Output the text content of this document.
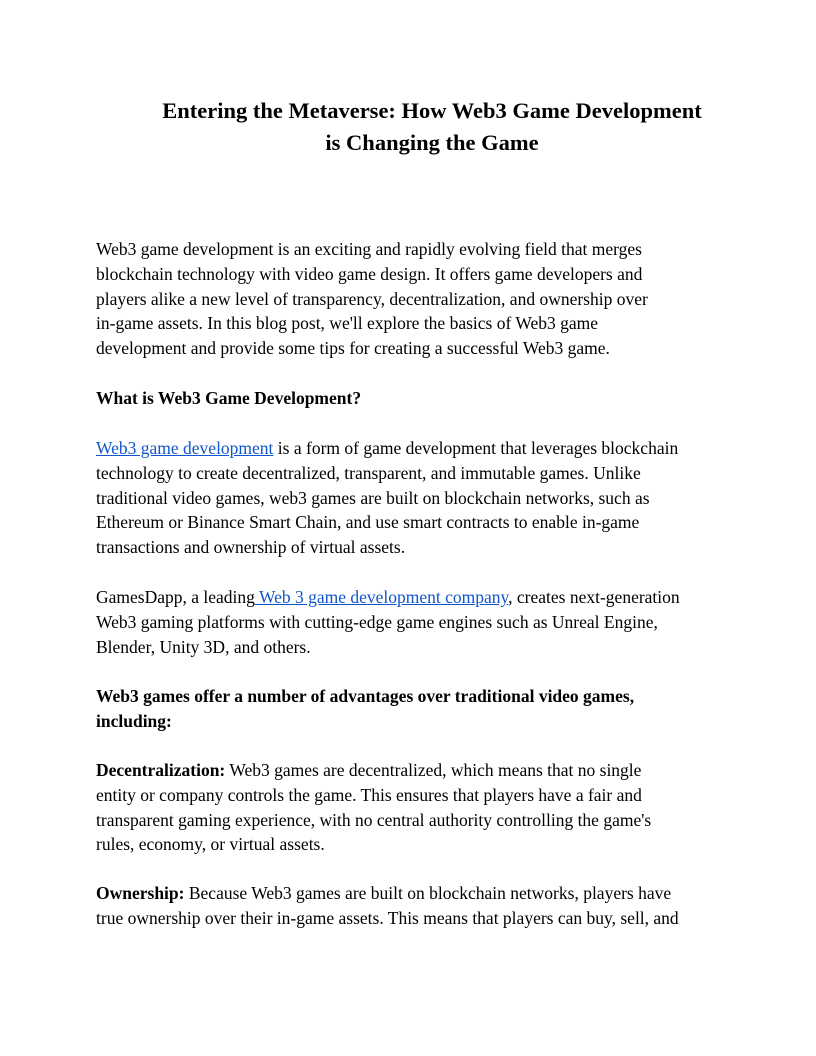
Entering the Metaverse: How Web3 Game Development
is Changing the Game

Web3 game development is an exciting and rapidly evolving field that merges
blockchain technology with video game design. It offers game developers and
players alike a new level of transparency, decentralization, and ownership over
in-game assets. In this blog post, we'll explore the basics of Web3 game
development and provide some tips for creating a successful Web3 game.

What is Web3 Game Development?

Web3 game development is a form of game development that leverages blockchain
technology to create decentralized, transparent, and immutable games. Unlike
traditional video games, web3 games are built on blockchain networks, such as
Ethereum or Binance Smart Chain, and use smart contracts to enable in-game
transactions and ownership of virtual assets.

GamesDapp, a leading Web 3 game development company, creates next-generation
Web3 gaming platforms with cutting-edge game engines such as Unreal Engine,
Blender, Unity 3D, and others.

Web3 games offer a number of advantages over traditional video games,
including:

Decentralization: Web3 games are decentralized, which means that no single
entity or company controls the game. This ensures that players have a fair and
transparent gaming experience, with no central authority controlling the game's
rules, economy, or virtual assets.

Ownership: Because Web3 games are built on blockchain networks, players have
true ownership over their in-game assets. This means that players can buy, sell, and
